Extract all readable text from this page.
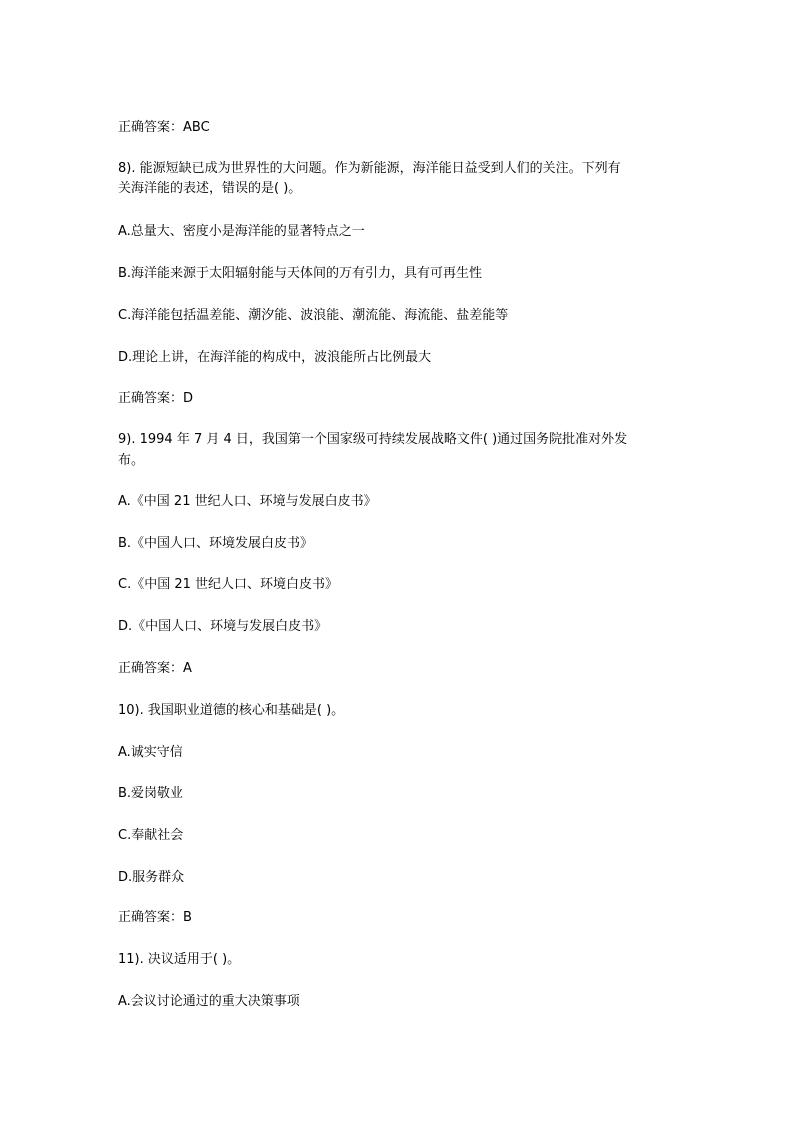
正确答案：ABC
8). 能源短缺已成为世界性的大问题。作为新能源，海洋能日益受到人们的关注。下列有
关海洋能的表述，错误的是( )。
A.总量大、密度小是海洋能的显著特点之一
B.海洋能来源于太阳辐射能与天体间的万有引力，具有可再生性
C.海洋能包括温差能、潮汐能、波浪能、潮流能、海流能、盐差能等
D.理论上讲，在海洋能的构成中，波浪能所占比例最大
正确答案：D
9). 1994 年 7 月 4 日，我国第一个国家级可持续发展战略文件( )通过国务院批准对外发
布。
A.《中国 21 世纪人口、环境与发展白皮书》
B.《中国人口、环境发展白皮书》
C.《中国 21 世纪人口、环境白皮书》
D.《中国人口、环境与发展白皮书》
正确答案：A
10). 我国职业道德的核心和基础是( )。
A.诚实守信
B.爱岗敬业
C.奉献社会
D.服务群众
正确答案：B
11). 决议适用于( )。
A.会议讨论通过的重大决策事项
